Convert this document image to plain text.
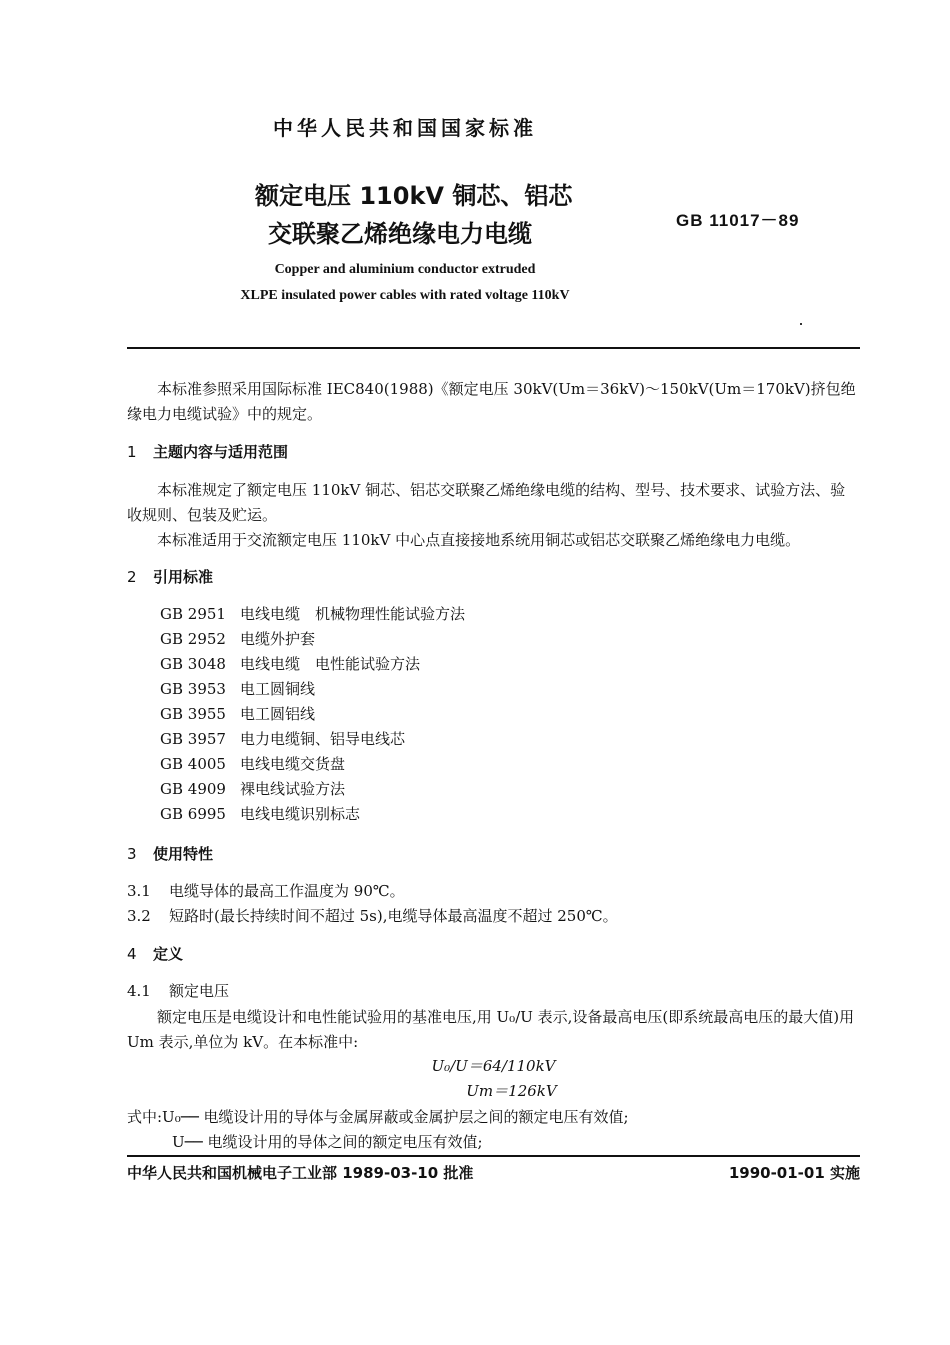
中华人民共和国国家标准
额定电压 110kV 铜芯、铝芯
交联聚乙烯绝缘电力电缆	GB 11017－89
Copper and aluminium conductor extruded
XLPE insulated power cables with rated voltage 110kV
本标准参照采用国际标准 IEC840(1988)《额定电压 30kV(Um＝36kV)～150kV(Um＝170kV)挤包绝缘电力电缆试验》中的规定。
1 主题内容与适用范围
本标准规定了额定电压 110kV 铜芯、铝芯交联聚乙烯绝缘电缆的结构、型号、技术要求、试验方法、验收规则、包装及贮运。
本标准适用于交流额定电压 110kV 中心点直接接地系统用铜芯或铝芯交联聚乙烯绝缘电力电缆。
2 引用标准
GB 2951 电线电缆　机械物理性能试验方法
GB 2952 电缆外护套
GB 3048 电线电缆　电性能试验方法
GB 3953 电工圆铜线
GB 3955 电工圆铝线
GB 3957 电力电缆铜、铝导电线芯
GB 4005 电线电缆交货盘
GB 4909 裸电线试验方法
GB 6995 电线电缆识别标志
3 使用特性
3.1 电缆导体的最高工作温度为 90℃。
3.2 短路时(最长持续时间不超过 5s),电缆导体最高温度不超过 250℃。
4 定义
4.1 额定电压
额定电压是电缆设计和电性能试验用的基准电压,用 U₀/U 表示,设备最高电压(即系统最高电压的最大值)用 Um 表示,单位为 kV。在本标准中:
U₀/U＝64/110kV
Um＝126kV
式中:U₀── 电缆设计用的导体与金属屏蔽或金属护层之间的额定电压有效值;
U── 电缆设计用的导体之间的额定电压有效值;
中华人民共和国机械电子工业部 1989-03-10 批准	1990-01-01 实施
